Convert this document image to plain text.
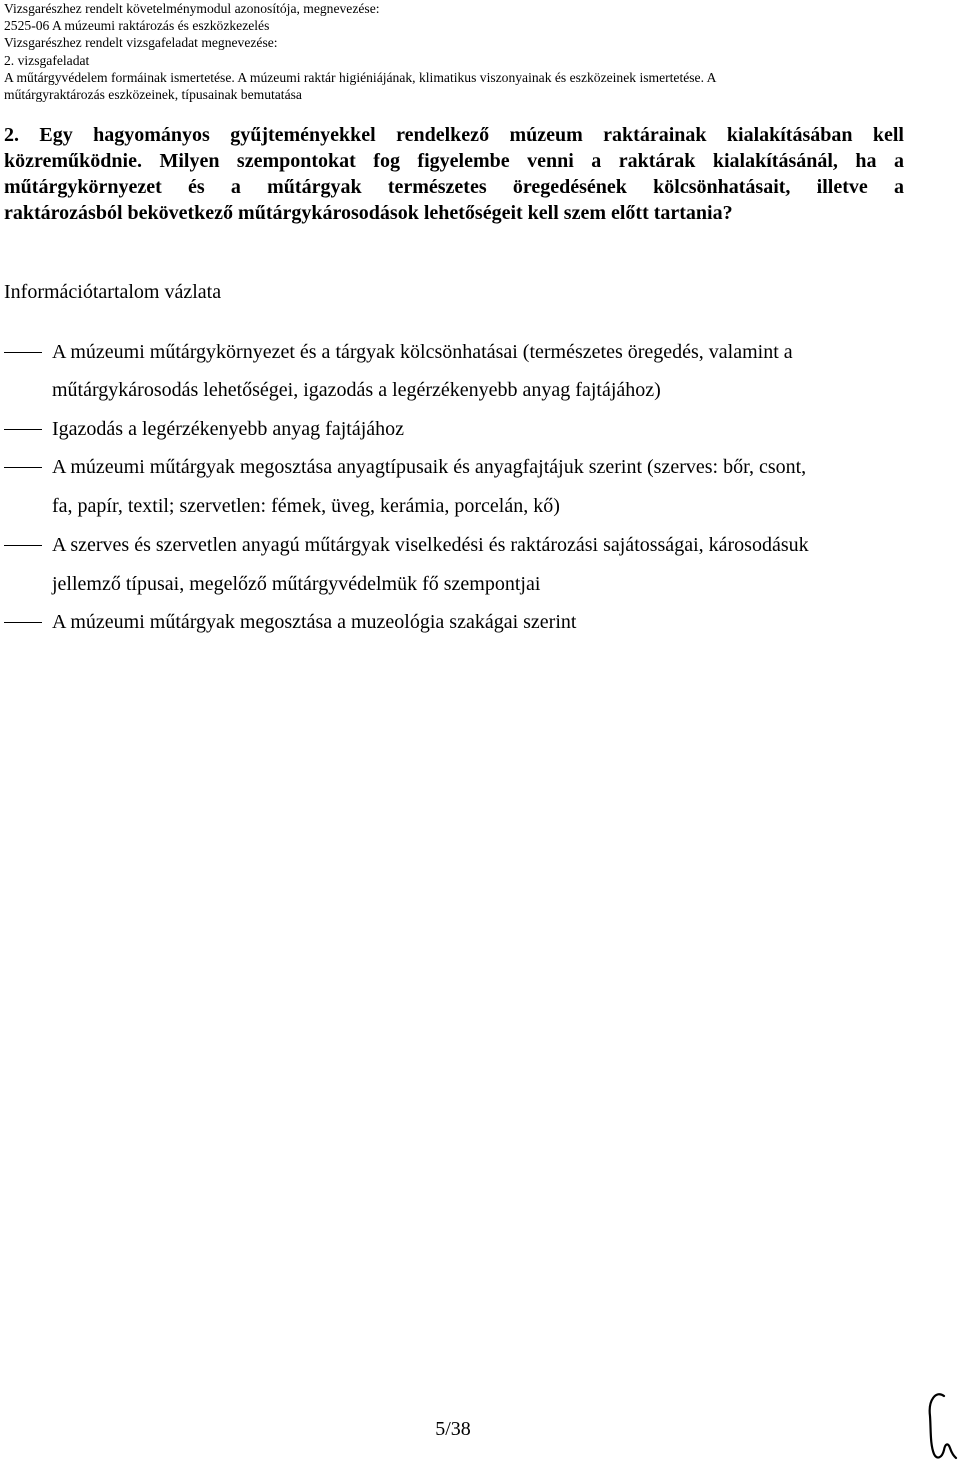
Vizsgarészhez rendelt követelménymodul azonosítója, megnevezése:
2525-06 A múzeumi raktározás és eszközkezelés
Vizsgarészhez rendelt vizsgafeladat megnevezése:
2. vizsgafeladat
A műtárgyvédelem formáinak ismertetése. A múzeumi raktár higiéniájának, klimatikus viszonyainak és eszközeinek ismertetése. A
műtárgyraktározás eszközeinek, típusainak bemutatása
2. Egy hagyományos gyűjteményekkel rendelkező múzeum raktárainak kialakításában kell
közreműködnie. Milyen szempontokat fog figyelembe venni a raktárak kialakításánál, ha a
műtárgykörnyezet és a műtárgyak természetes öregedésének kölcsönhatásait, illetve a
raktározásból bekövetkező műtárgykárosodások lehetőségeit kell szem előtt tartania?
Információtartalom vázlata
A múzeumi műtárgykörnyezet és a tárgyak kölcsönhatásai (természetes öregedés, valamint a
műtárgykárosodás lehetőségei, igazodás a legérzékenyebb anyag fajtájához)
Igazodás a legérzékenyebb anyag fajtájához
A múzeumi műtárgyak megosztása anyagtípusaik és anyagfajtájuk szerint (szerves: bőr, csont,
fa, papír, textil; szervetlen: fémek, üveg, kerámia, porcelán, kő)
A szerves és szervetlen anyagú műtárgyak viselkedési és raktározási sajátosságai, károsodásuk
jellemző típusai, megelőző műtárgyvédelmük fő szempontjai
A múzeumi műtárgyak megosztása a muzeológia szakágai szerint
5/38
